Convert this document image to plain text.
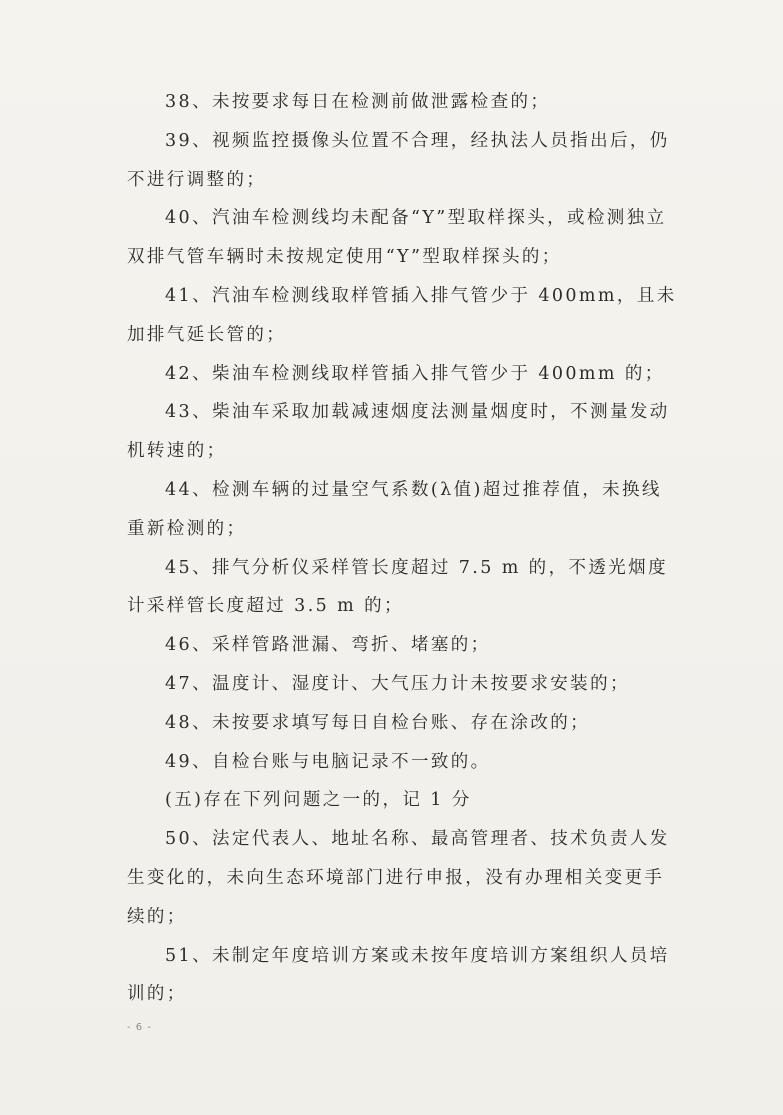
38、未按要求每日在检测前做泄露检查的；

39、视频监控摄像头位置不合理，经执法人员指出后，仍不进行调整的；

40、汽油车检测线均未配备“Y”型取样探头，或检测独立双排气管车辆时未按规定使用“Y”型取样探头的；

41、汽油车检测线取样管插入排气管少于 400mm，且未加排气延长管的；

42、柴油车检测线取样管插入排气管少于 400mm 的；

43、柴油车采取加载减速烟度法测量烟度时，不测量发动机转速的；

44、检测车辆的过量空气系数(λ值)超过推荐值，未换线重新检测的；

45、排气分析仪采样管长度超过 7.5 m 的，不透光烟度计采样管长度超过 3.5 m 的；

46、采样管路泄漏、弯折、堵塞的；

47、温度计、湿度计、大气压力计未按要求安装的；

48、未按要求填写每日自检台账、存在涂改的；

49、自检台账与电脑记录不一致的。

(五)存在下列问题之一的，记 1 分

50、法定代表人、地址名称、最高管理者、技术负责人发生变化的，未向生态环境部门进行申报，没有办理相关变更手续的；

51、未制定年度培训方案或未按年度培训方案组织人员培训的；

- 6 -
